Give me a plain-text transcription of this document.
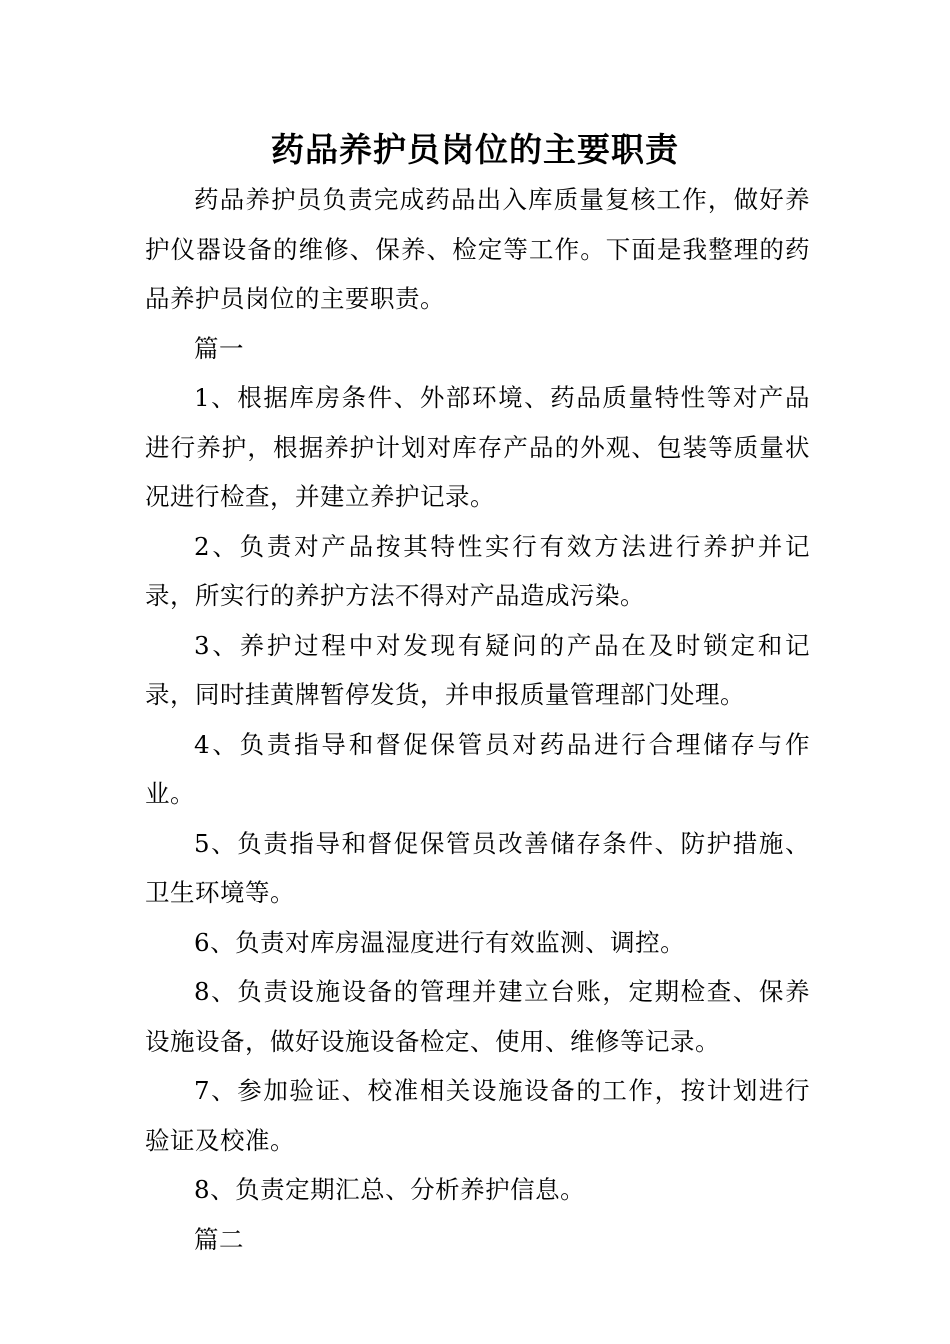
药品养护员岗位的主要职责

药品养护员负责完成药品出入库质量复核工作，做好养护仪器设备的维修、保养、检定等工作。下面是我整理的药品养护员岗位的主要职责。

篇一

1、根据库房条件、外部环境、药品质量特性等对产品进行养护，根据养护计划对库存产品的外观、包装等质量状况进行检查，并建立养护记录。

2、负责对产品按其特性实行有效方法进行养护并记录，所实行的养护方法不得对产品造成污染。

3、养护过程中对发现有疑问的产品在及时锁定和记录，同时挂黄牌暂停发货，并申报质量管理部门处理。

4、负责指导和督促保管员对药品进行合理储存与作业。

5、负责指导和督促保管员改善储存条件、防护措施、卫生环境等。

6、负责对库房温湿度进行有效监测、调控。

8、负责设施设备的管理并建立台账，定期检查、保养设施设备，做好设施设备检定、使用、维修等记录。

7、参加验证、校准相关设施设备的工作，按计划进行验证及校准。

8、负责定期汇总、分析养护信息。

篇二
